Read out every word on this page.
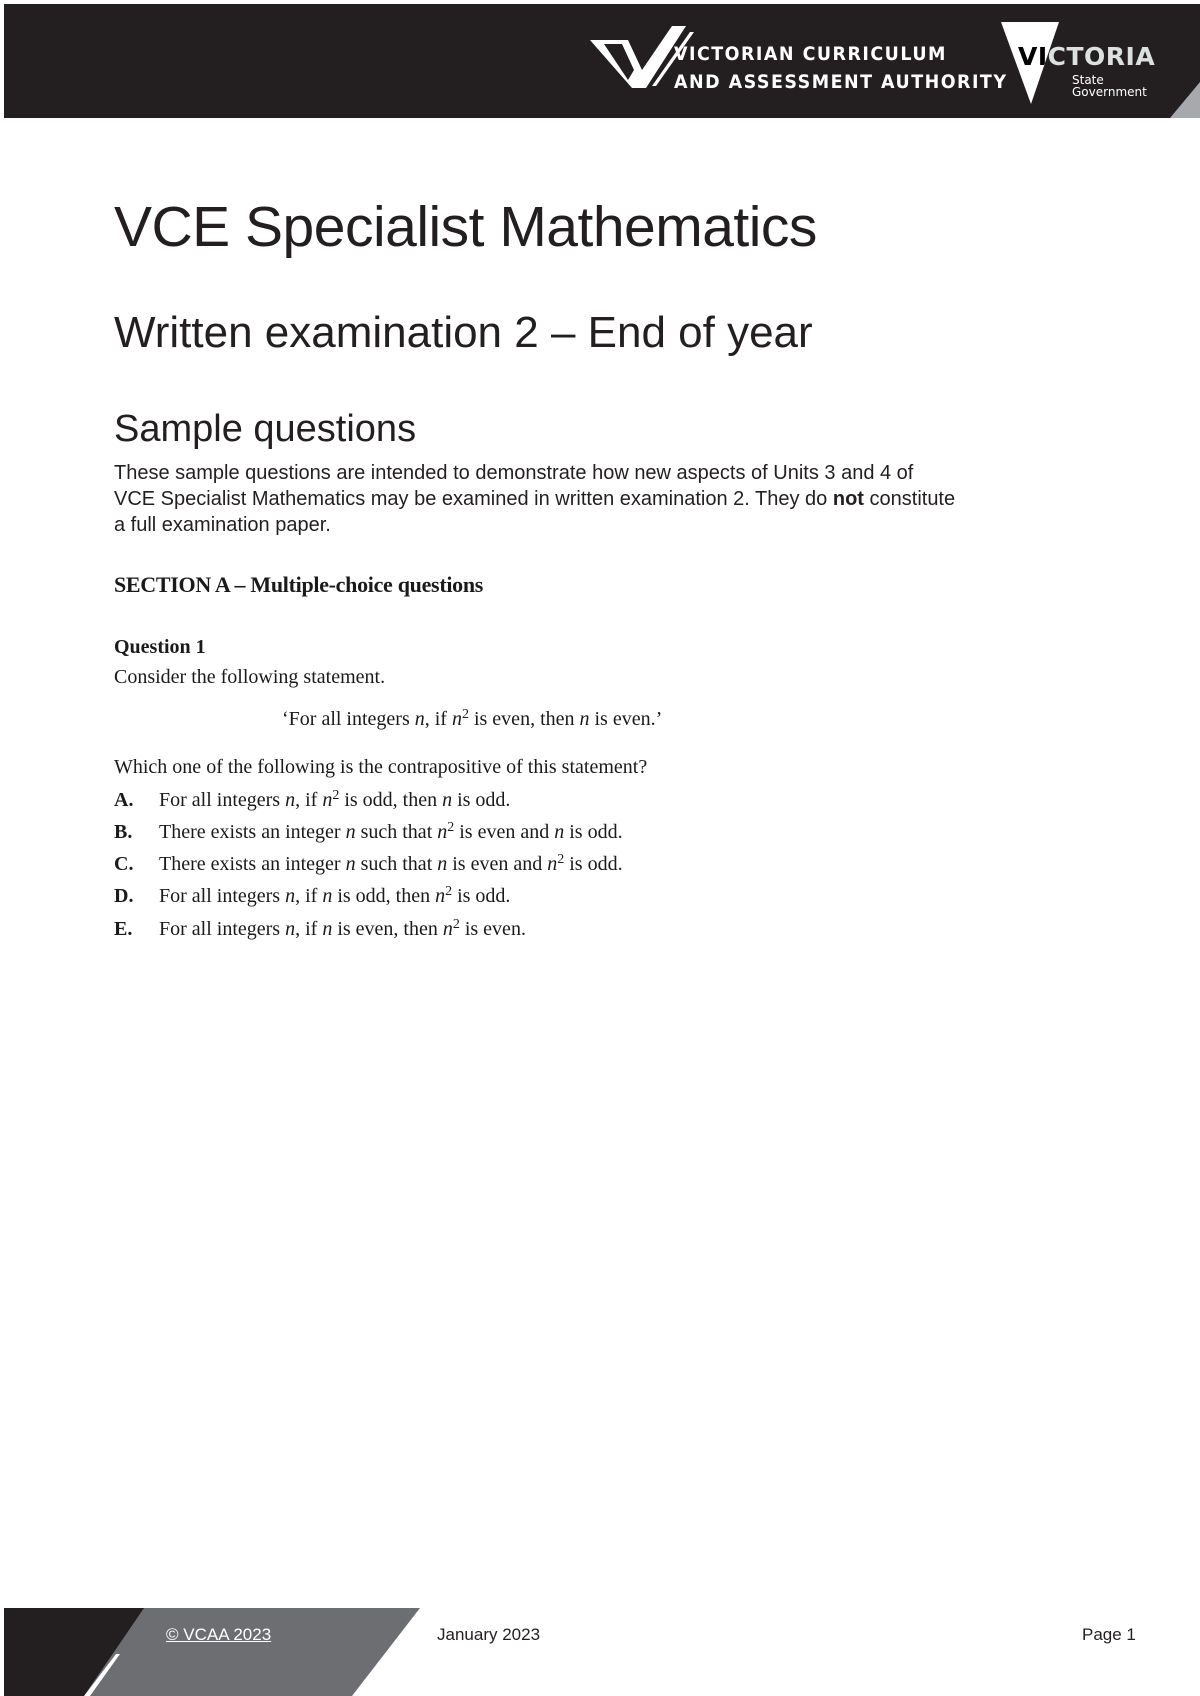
VICTORIAN CURRICULUM
AND ASSESSMENT AUTHORITY
VICTORIA
State
Government
VCE Specialist Mathematics
Written examination 2 – End of year
Sample questions
These sample questions are intended to demonstrate how new aspects of Units 3 and 4 of
VCE Specialist Mathematics may be examined in written examination 2. They do not constitute
a full examination paper.
SECTION A – Multiple-choice questions
Question 1
Consider the following statement.
‘For all integers n, if $n^2$ is even, then n is even.’
Which one of the following is the contrapositive of this statement?
A. For all integers n, if $n^2$ is odd, then n is odd.
B. There exists an integer n such that $n^2$ is even and n is odd.
C. There exists an integer n such that n is even and $n^2$ is odd.
D. For all integers n, if n is odd, then $n^2$ is odd.
E. For all integers n, if n is even, then $n^2$ is even.
© VCAA 2023	January 2023	Page 1
